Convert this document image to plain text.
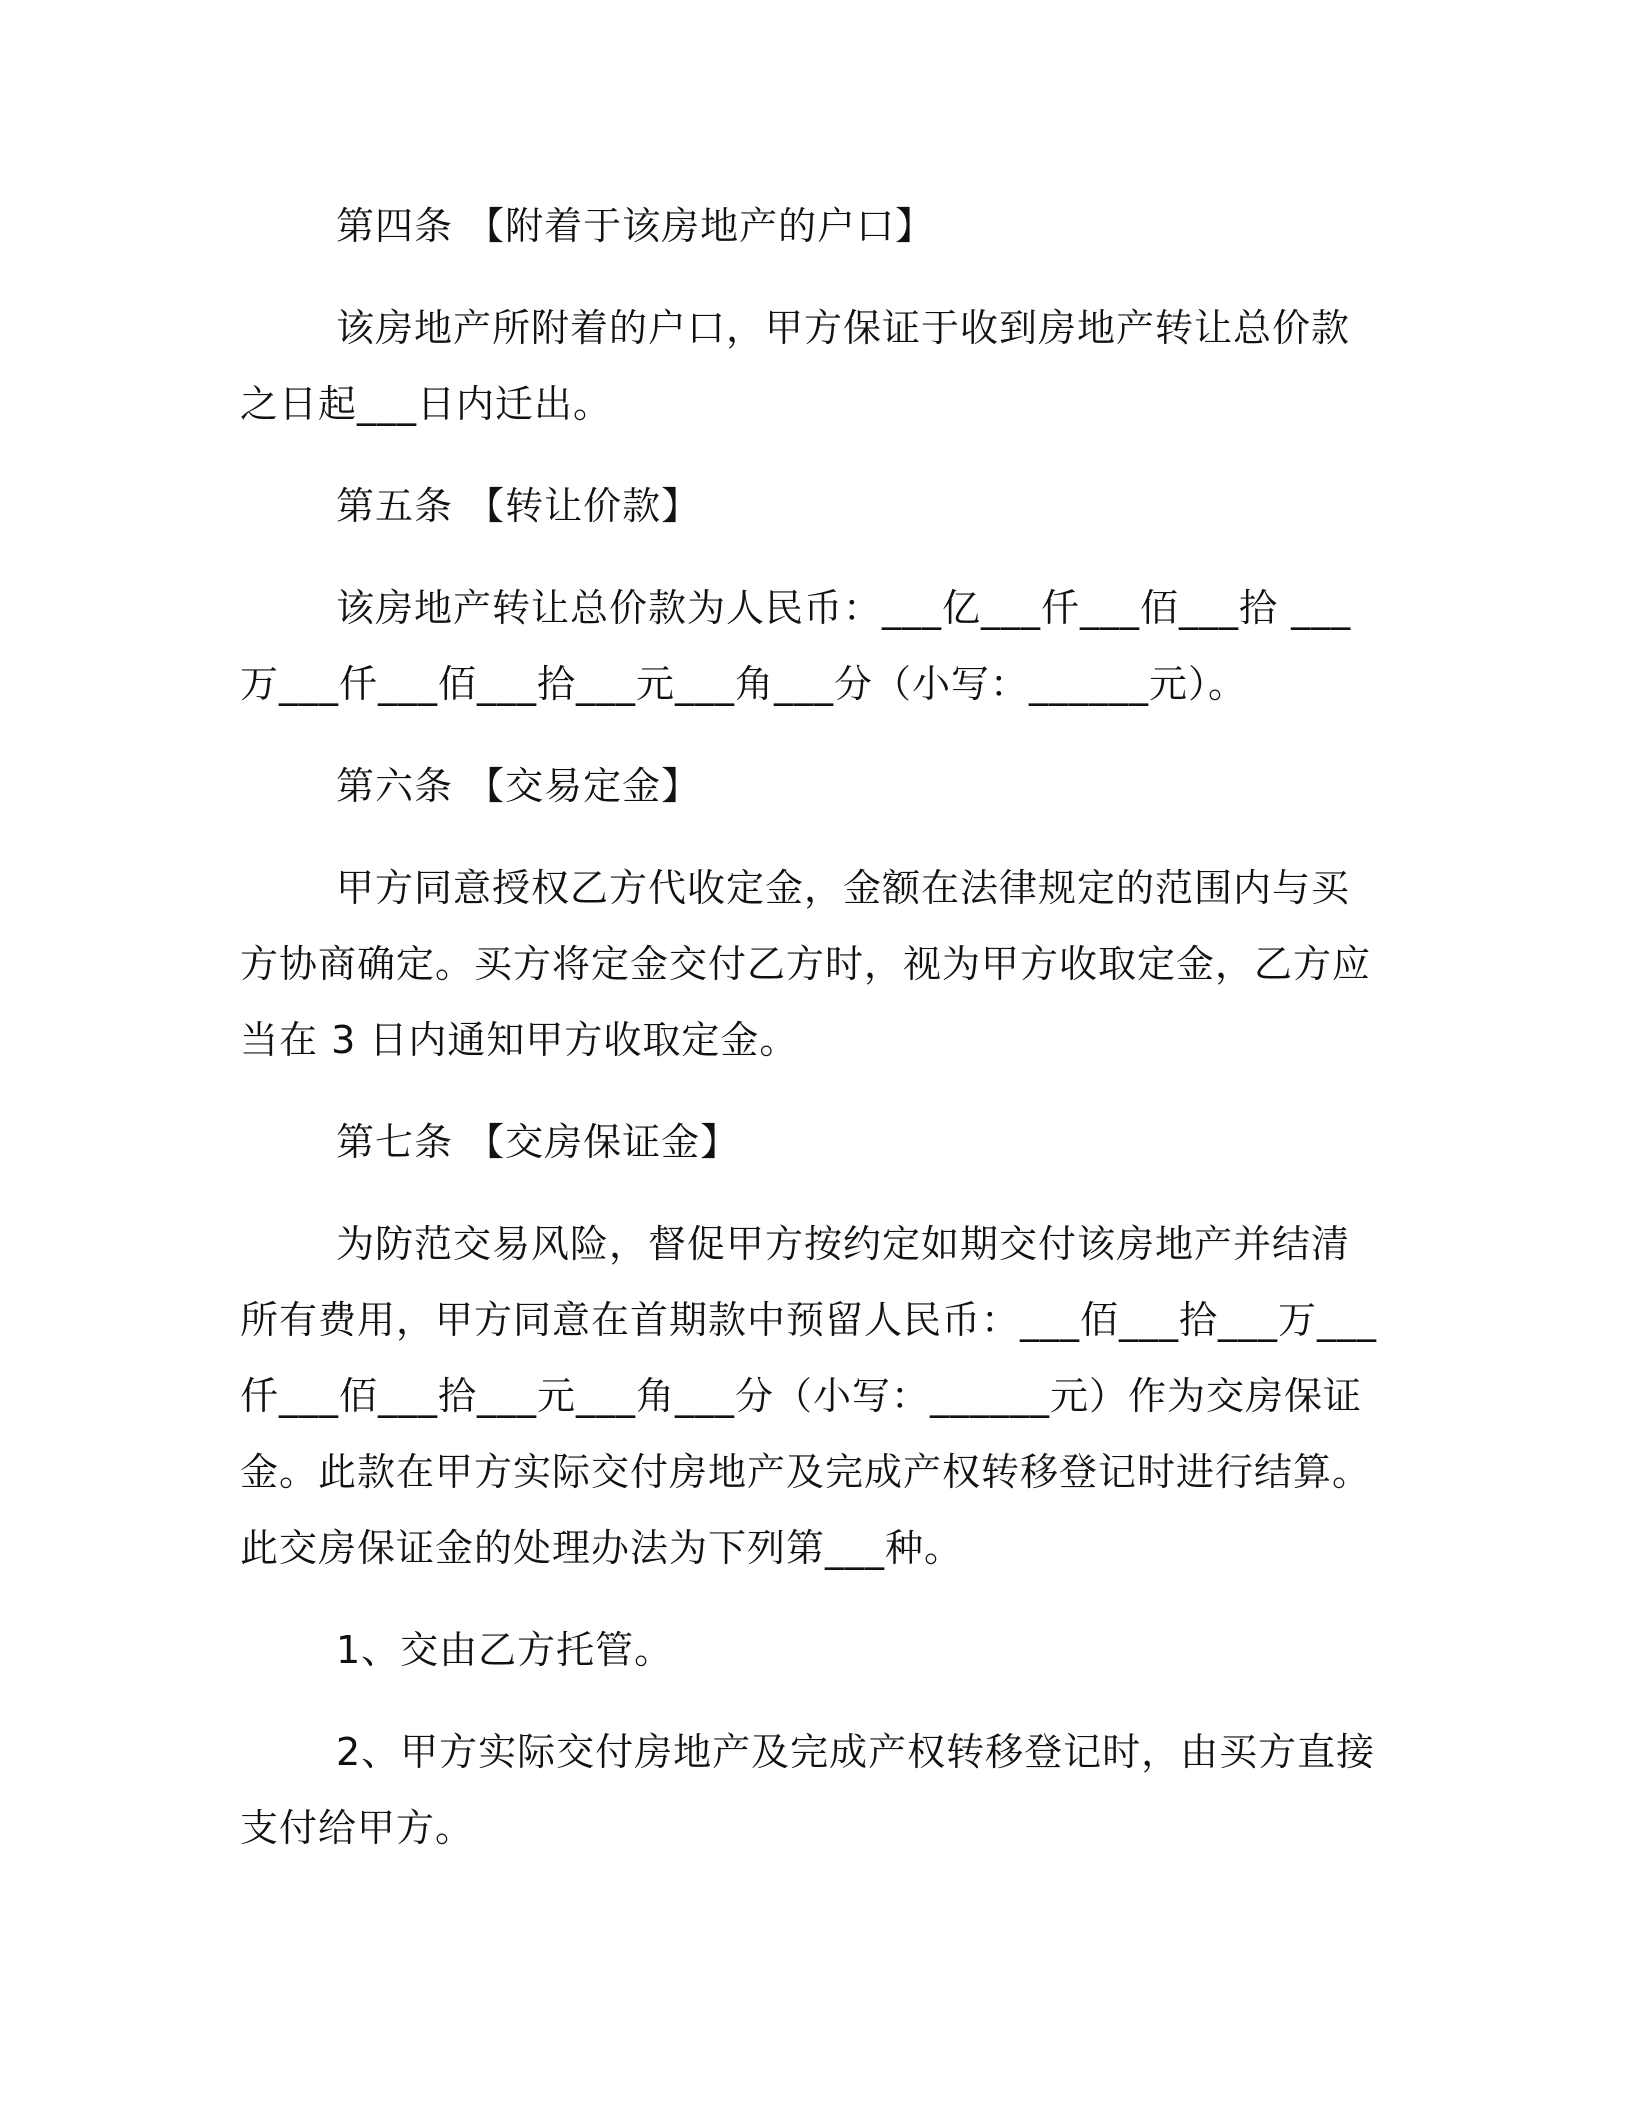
第四条 【附着于该房地产的户口】

该房地产所附着的户口，甲方保证于收到房地产转让总价款之日起___日内迁出。

第五条 【转让价款】

该房地产转让总价款为人民币：___亿___仟___佰___拾 ___万___仟___佰___拾___元___角___分（小写：______元）。

第六条 【交易定金】

甲方同意授权乙方代收定金，金额在法律规定的范围内与买方协商确定。买方将定金交付乙方时，视为甲方收取定金，乙方应当在 3 日内通知甲方收取定金。

第七条 【交房保证金】

为防范交易风险，督促甲方按约定如期交付该房地产并结清所有费用，甲方同意在首期款中预留人民币：___佰___拾___万___仟___佰___拾___元___角___分（小写：______元）作为交房保证金。此款在甲方实际交付房地产及完成产权转移登记时进行结算。此交房保证金的处理办法为下列第___种。

1、交由乙方托管。

2、甲方实际交付房地产及完成产权转移登记时，由买方直接支付给甲方。
